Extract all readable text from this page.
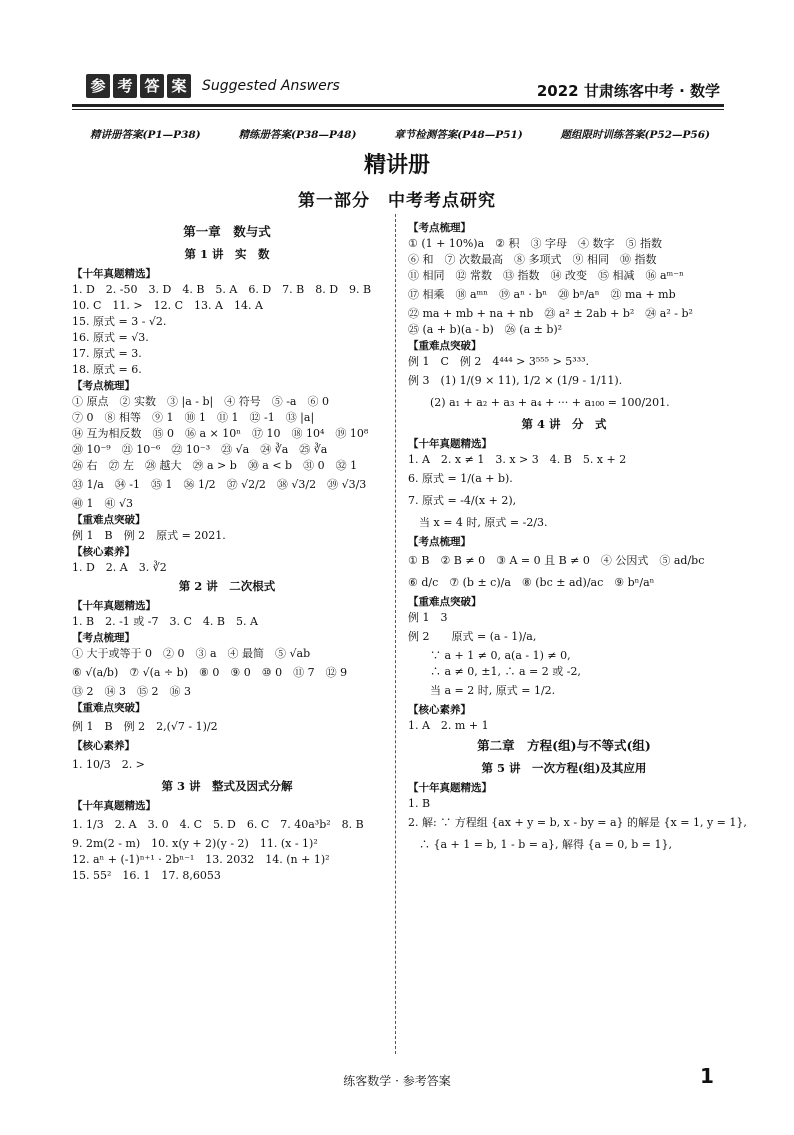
参 考 答 案	Suggested Answers	2022 甘肃练客中考 · 数学
精讲册答案(P1—P38)	精练册答案(P38—P48)	章节检测答案(P48—P51)	题组限时训练答案(P52—P56)
精讲册
第一部分　中考考点研究
第一章　数与式
第 1 讲　实　数
【十年真题精选】
1. D　2. -50　3. D　4. B　5. A　6. D　7. B　8. D　9. B
10. C　11. >　12. C　13. A　14. A
15. 原式 = 3 - √2.
16. 原式 = √3.
17. 原式 = 3.
18. 原式 = 6.
【考点梳理】
① 原点　② 实数　③ |a - b|　④ 符号　⑤ -a　⑥ 0
⑦ 0　⑧ 相等　⑨ 1　⑩ 1　⑪ 1　⑫ -1　⑬ |a|
⑭ 互为相反数　⑮ 0　⑯ a × 10ⁿ　⑰ 10　⑱ 10⁴　⑲ 10⁸
⑳ 10⁻⁹　㉑ 10⁻⁶　㉒ 10⁻³　㉓ √a　㉔ ∛a　㉕ ∛a
㉖ 右　㉗ 左　㉘ 越大　㉙ a > b　㉚ a < b　㉛ 0　㉜ 1
㉝ 1/a　㉞ -1　㉟ 1　㊱ 1/2　㊲ √2/2　㊳ √3/2　㊴ √3/3
㊵ 1　㊶ √3
【重难点突破】
例 1　B　例 2　原式 = 2021.
【核心素养】
1. D　2. A　3. ∛2
第 2 讲　二次根式
【十年真题精选】
1. B　2. -1 或 -7　3. C　4. B　5. A
【考点梳理】
① 大于或等于 0　② 0　③ a　④ 最简　⑤ √ab
⑥ √(a/b)　⑦ √(a ÷ b)　⑧ 0　⑨ 0　⑩ 0　⑪ 7　⑫ 9
⑬ 2　⑭ 3　⑮ 2　⑯ 3
【重难点突破】
例 1　B　例 2　2,(√7 - 1)/2
【核心素养】
1. 10/3　2. >
第 3 讲　整式及因式分解
【十年真题精选】
1. 1/3　2. A　3. 0　4. C　5. D　6. C　7. 40a³b²　8. B
9. 2m(2 - m)　10. x(y + 2)(y - 2)　11. (x - 1)²
12. aⁿ + (-1)ⁿ⁺¹ · 2bⁿ⁻¹　13. 2032　14. (n + 1)²
15. 55²　16. 1　17. 8,6053
【考点梳理】
① (1 + 10%)a　② 积　③ 字母　④ 数字　⑤ 指数
⑥ 和　⑦ 次数最高　⑧ 多项式　⑨ 相同　⑩ 指数
⑪ 相同　⑫ 常数　⑬ 指数　⑭ 改变　⑮ 相减　⑯ aᵐ⁻ⁿ
⑰ 相乘　⑱ aᵐⁿ　⑲ aⁿ · bⁿ　⑳ bⁿ/aⁿ　㉑ ma + mb
㉒ ma + mb + na + nb　㉓ a² ± 2ab + b²　㉔ a² - b²
㉕ (a + b)(a - b)　㉖ (a ± b)²
【重难点突破】
例 1　C　例 2　4⁴⁴⁴ > 3⁵⁵⁵ > 5³³³.
例 3　(1) 1/(9 × 11), 1/2 × (1/9 - 1/11).
　　(2) a₁ + a₂ + a₃ + a₄ + ··· + a₁₀₀ = 100/201.
第 4 讲　分　式
【十年真题精选】
1. A　2. x ≠ 1　3. x > 3　4. B　5. x + 2
6. 原式 = 1/(a + b).
7. 原式 = -4/(x + 2),
　当 x = 4 时, 原式 = -2/3.
【考点梳理】
① B　② B ≠ 0　③ A = 0 且 B ≠ 0　④ 公因式　⑤ ad/bc
⑥ d/c　⑦ (b ± c)/a　⑧ (bc ± ad)/ac　⑨ bⁿ/aⁿ
【重难点突破】
例 1　3
例 2　　原式 = (a - 1)/a,
　　∵ a + 1 ≠ 0, a(a - 1) ≠ 0,
　　∴ a ≠ 0, ±1, ∴ a = 2 或 -2,
　　当 a = 2 时, 原式 = 1/2.
【核心素养】
1. A　2. m + 1
第二章　方程(组)与不等式(组)
第 5 讲　一次方程(组)及其应用
【十年真题精选】
1. B
2. 解: ∵ 方程组 {ax + y = b, x - by = a} 的解是 {x = 1, y = 1},
　∴ {a + 1 = b, 1 - b = a}, 解得 {a = 0, b = 1},
练客数学 · 参考答案	1
